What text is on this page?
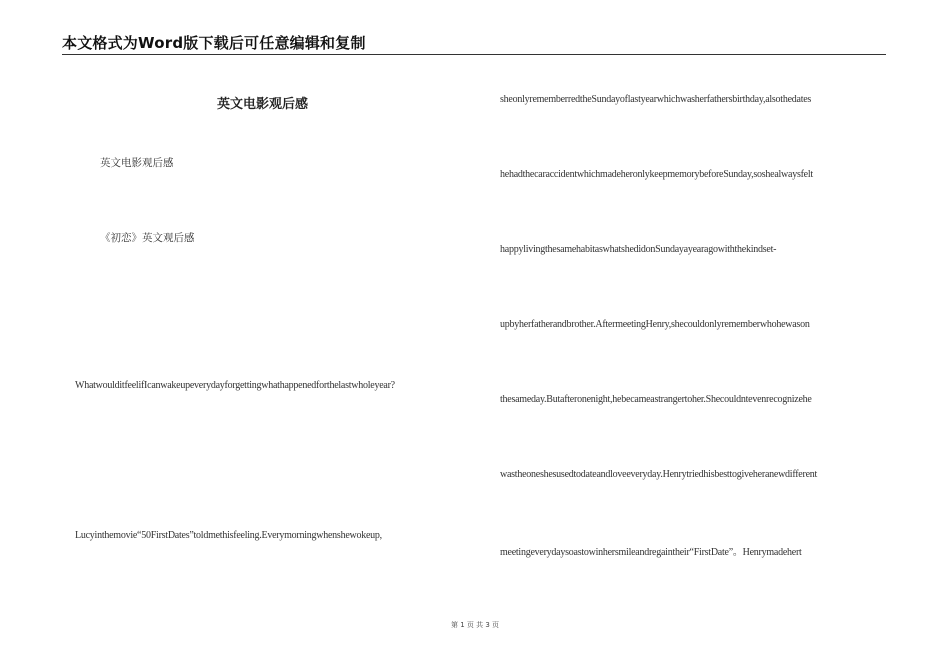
本文格式为Word版下载后可任意编辑和复制
英文电影观后感
英文电影观后感
《初恋》英文观后感
WhatwoulditfeelifIcanwakeupeverydayforgettingwhathappenedforthelastwholeyear?
Lucyinthemovie“50FirstDates”toldmethisfeeling.Everymorningwhenshewokeup,
sheonlyrememberredtheSundayoflastyearwhichwasherfathersbirthday,alsothedates
hehadthecaraccidentwhichmadeheronlykeepmemorybeforeSunday,soshealwaysfelt
happylivingthesamehabitaswhatshedidonSundayayearagowiththekindset-
upbyherfatherandbrother.AftermeetingHenry,shecouldonlyrememberwhohewason
thesameday.Butafteronenight,hebecameastrangertoher.Shecouldntevenrecognizehe
wastheoneshesusedtodateandloveeveryday.Henrytriedhisbesttogiveheranewdifferent
meetingeverydaysoastowinhersmileandregaintheir“FirstDate”。Henrymadehert
第 1 页 共 3 页
